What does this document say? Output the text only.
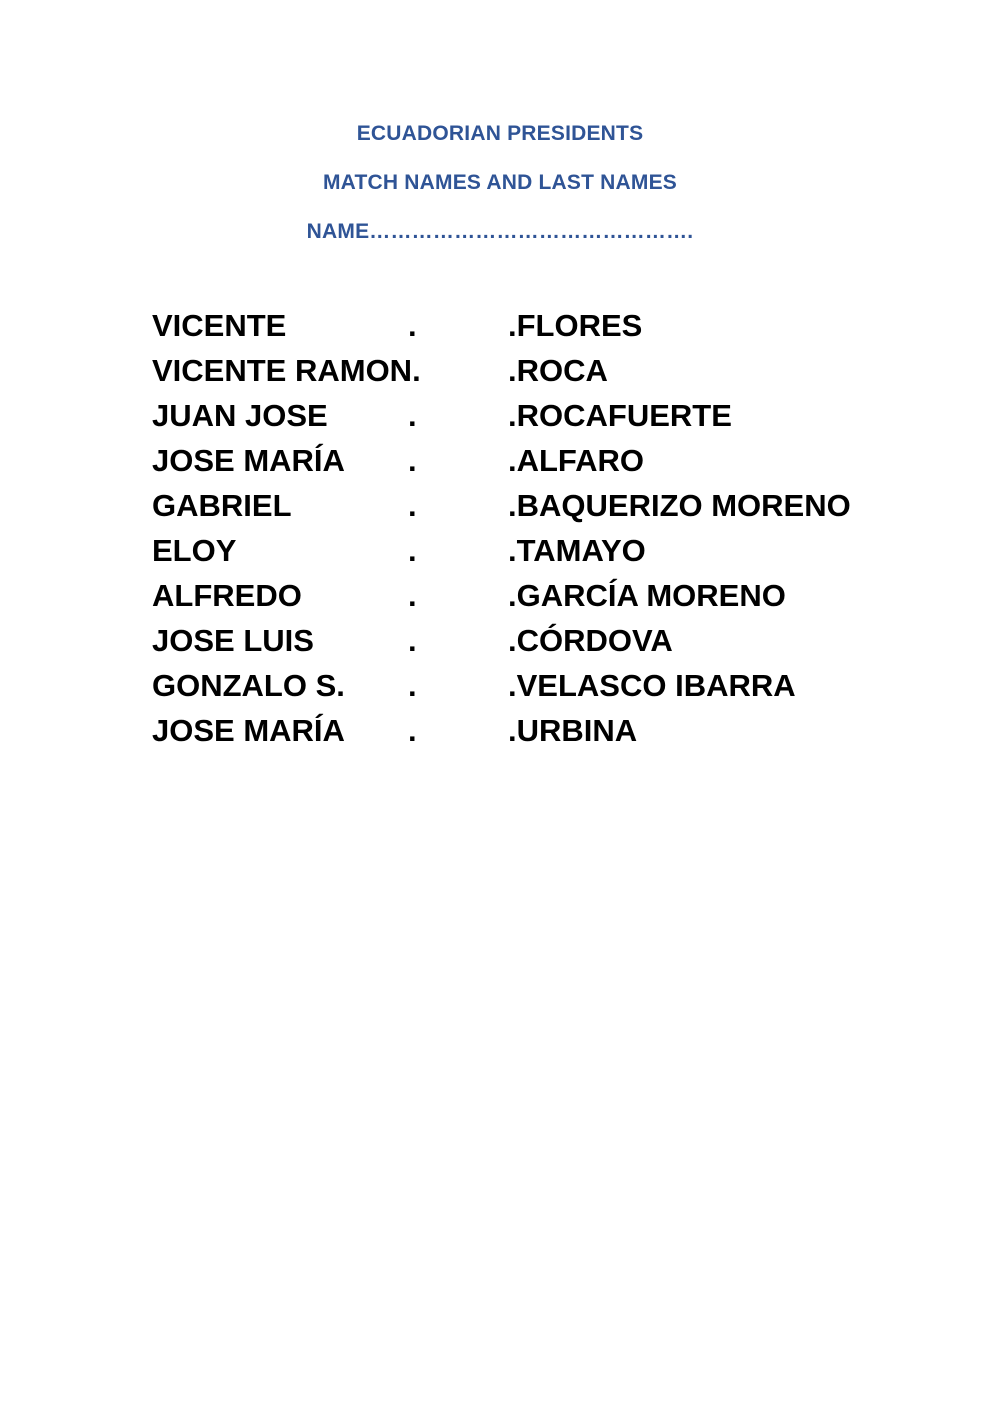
ECUADORIAN PRESIDENTS
MATCH NAMES AND LAST NAMES
NAME……………………………………….
VICENTE	.	.FLORES
VICENTE RAMON.	.ROCA
JUAN JOSE	.	.ROCAFUERTE
JOSE MARÍA .	.ALFARO
GABRIEL	.	.BAQUERIZO MORENO
ELOY	.	.TAMAYO
ALFREDO	.	.GARCÍA MORENO
JOSE LUIS	.	.CÓRDOVA
GONZALO S. .	.VELASCO IBARRA
JOSE MARÍA .	.URBINA
